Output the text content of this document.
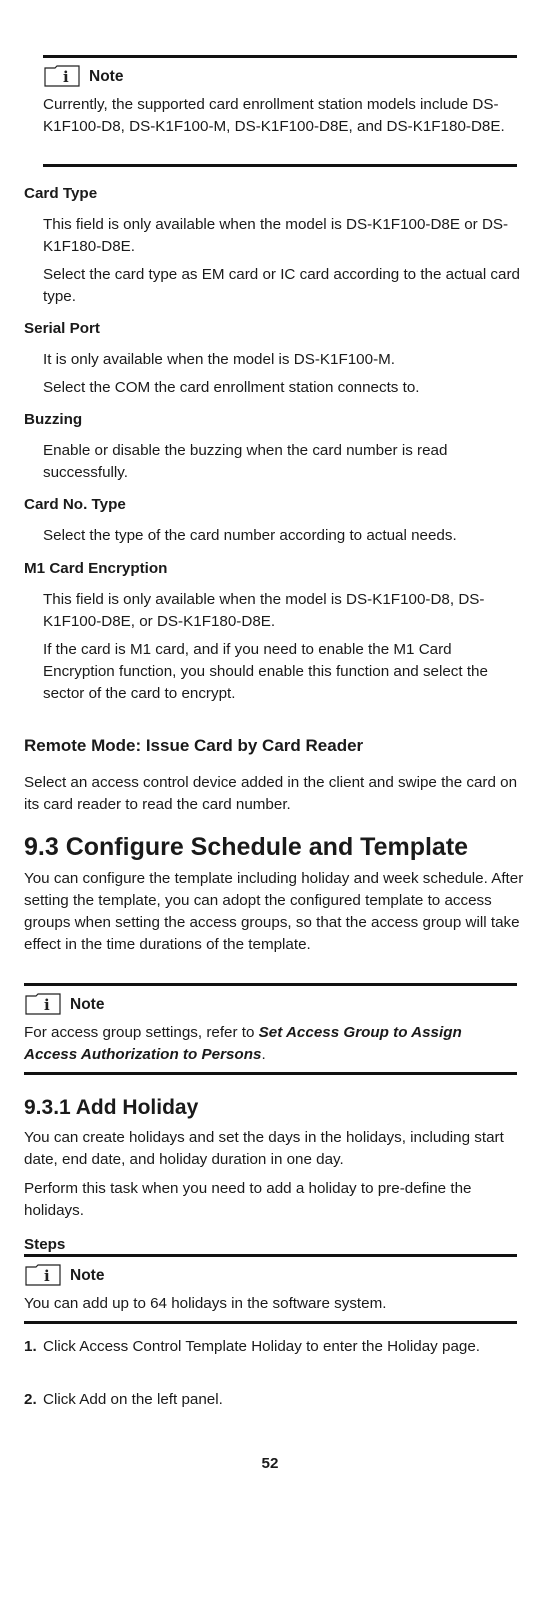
i Note
Currently, the supported card enrollment station models include DS-K1F100-D8, DS-K1F100-M, DS-K1F100-D8E, and DS-K1F180-D8E.
Card Type
This field is only available when the model is DS-K1F100-D8E or DS-K1F180-D8E.
Select the card type as EM card or IC card according to the actual card type.
Serial Port
It is only available when the model is DS-K1F100-M.
Select the COM the card enrollment station connects to.
Buzzing
Enable or disable the buzzing when the card number is read successfully.
Card No. Type
Select the type of the card number according to actual needs.
M1 Card Encryption
This field is only available when the model is DS-K1F100-D8, DS-K1F100-D8E, or DS-K1F180-D8E.
If the card is M1 card, and if you need to enable the M1 Card Encryption function, you should enable this function and select the sector of the card to encrypt.
Remote Mode: Issue Card by Card Reader
Select an access control device added in the client and swipe the card on its card reader to read the card number.
9.3 Configure Schedule and Template
You can configure the template including holiday and week schedule. After setting the template, you can adopt the configured template to access groups when setting the access groups, so that the access group will take effect in the time durations of the template.
i Note
For access group settings, refer to Set Access Group to Assign Access Authorization to Persons.
9.3.1 Add Holiday
You can create holidays and set the days in the holidays, including start date, end date, and holiday duration in one day.
Perform this task when you need to add a holiday to pre-define the holidays.
Steps
i Note
You can add up to 64 holidays in the software system.
1. Click Access Control Template Holiday to enter the Holiday page.
2. Click Add on the left panel.
52
